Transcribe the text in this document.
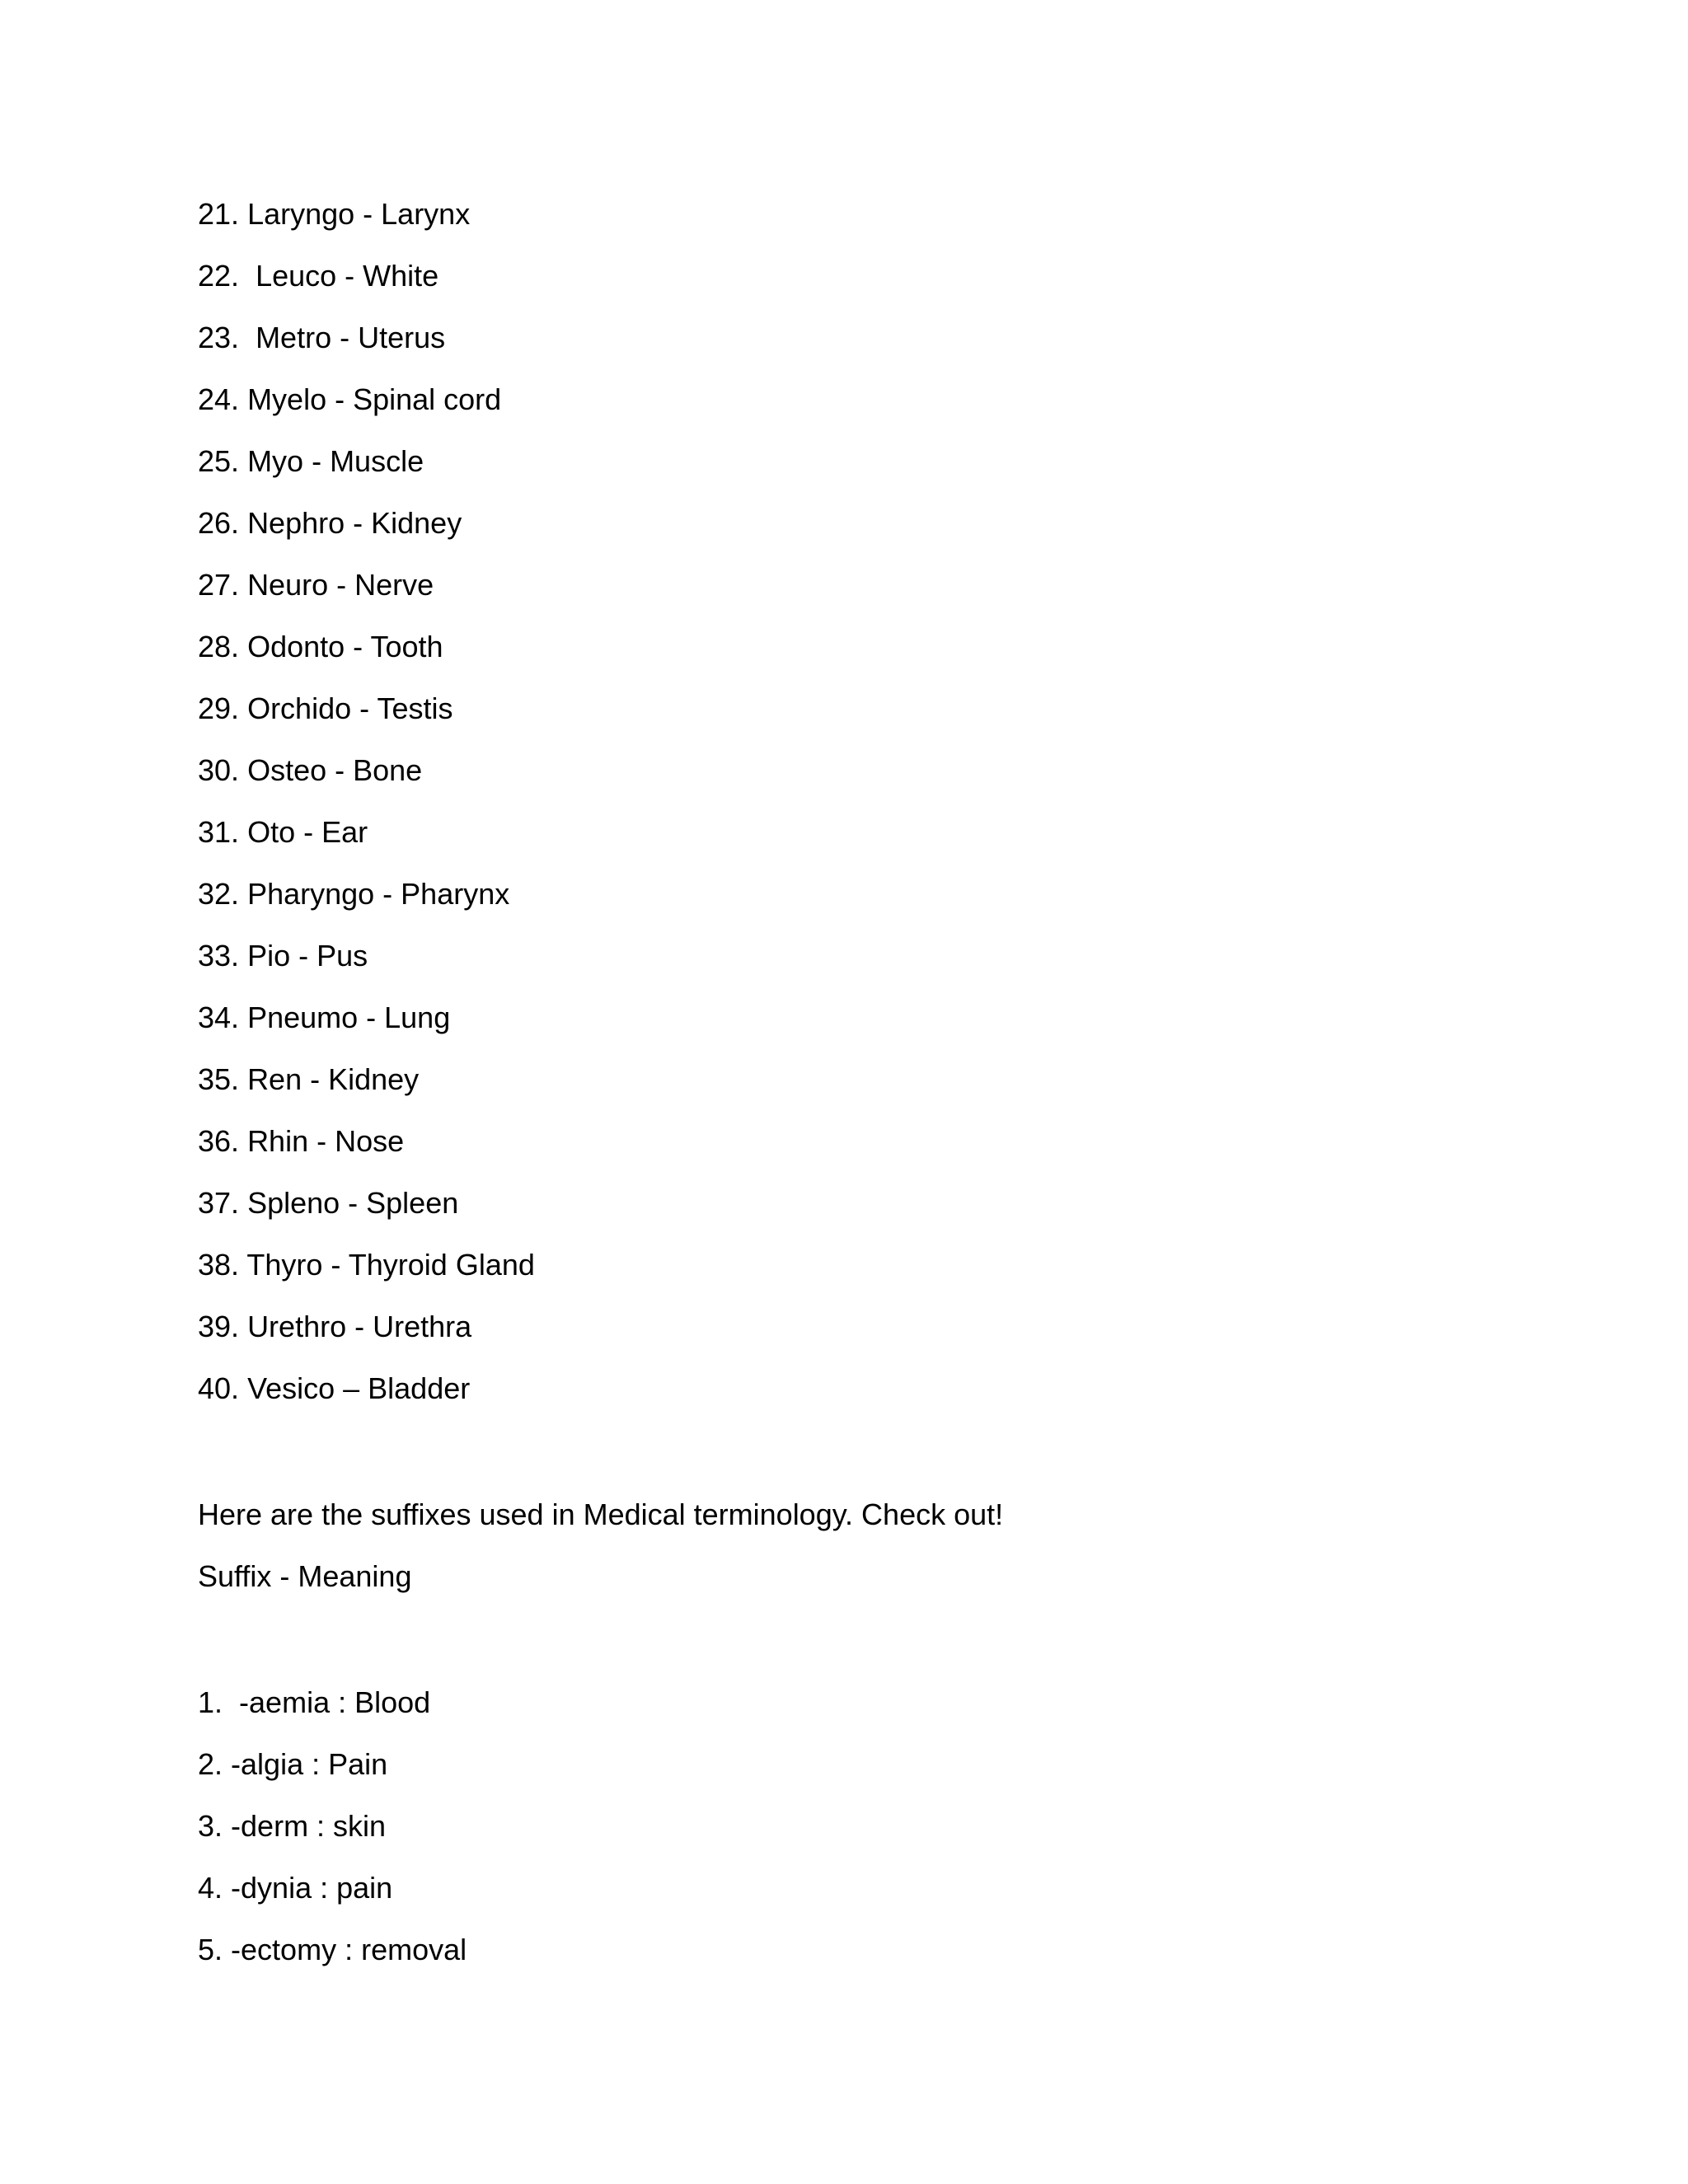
21. Laryngo - Larynx
22.  Leuco - White
23.  Metro - Uterus
24. Myelo - Spinal cord
25. Myo - Muscle
26. Nephro - Kidney
27. Neuro - Nerve
28. Odonto - Tooth
29. Orchido - Testis
30. Osteo - Bone
31. Oto - Ear
32. Pharyngo - Pharynx
33. Pio - Pus
34. Pneumo - Lung
35. Ren - Kidney
36. Rhin - Nose
37. Spleno - Spleen
38. Thyro - Thyroid Gland
39. Urethro - Urethra
40. Vesico – Bladder
Here are the suffixes used in Medical terminology. Check out!
Suffix - Meaning
1.  -aemia : Blood
2. -algia : Pain
3. -derm : skin
4. -dynia : pain
5. -ectomy : removal
